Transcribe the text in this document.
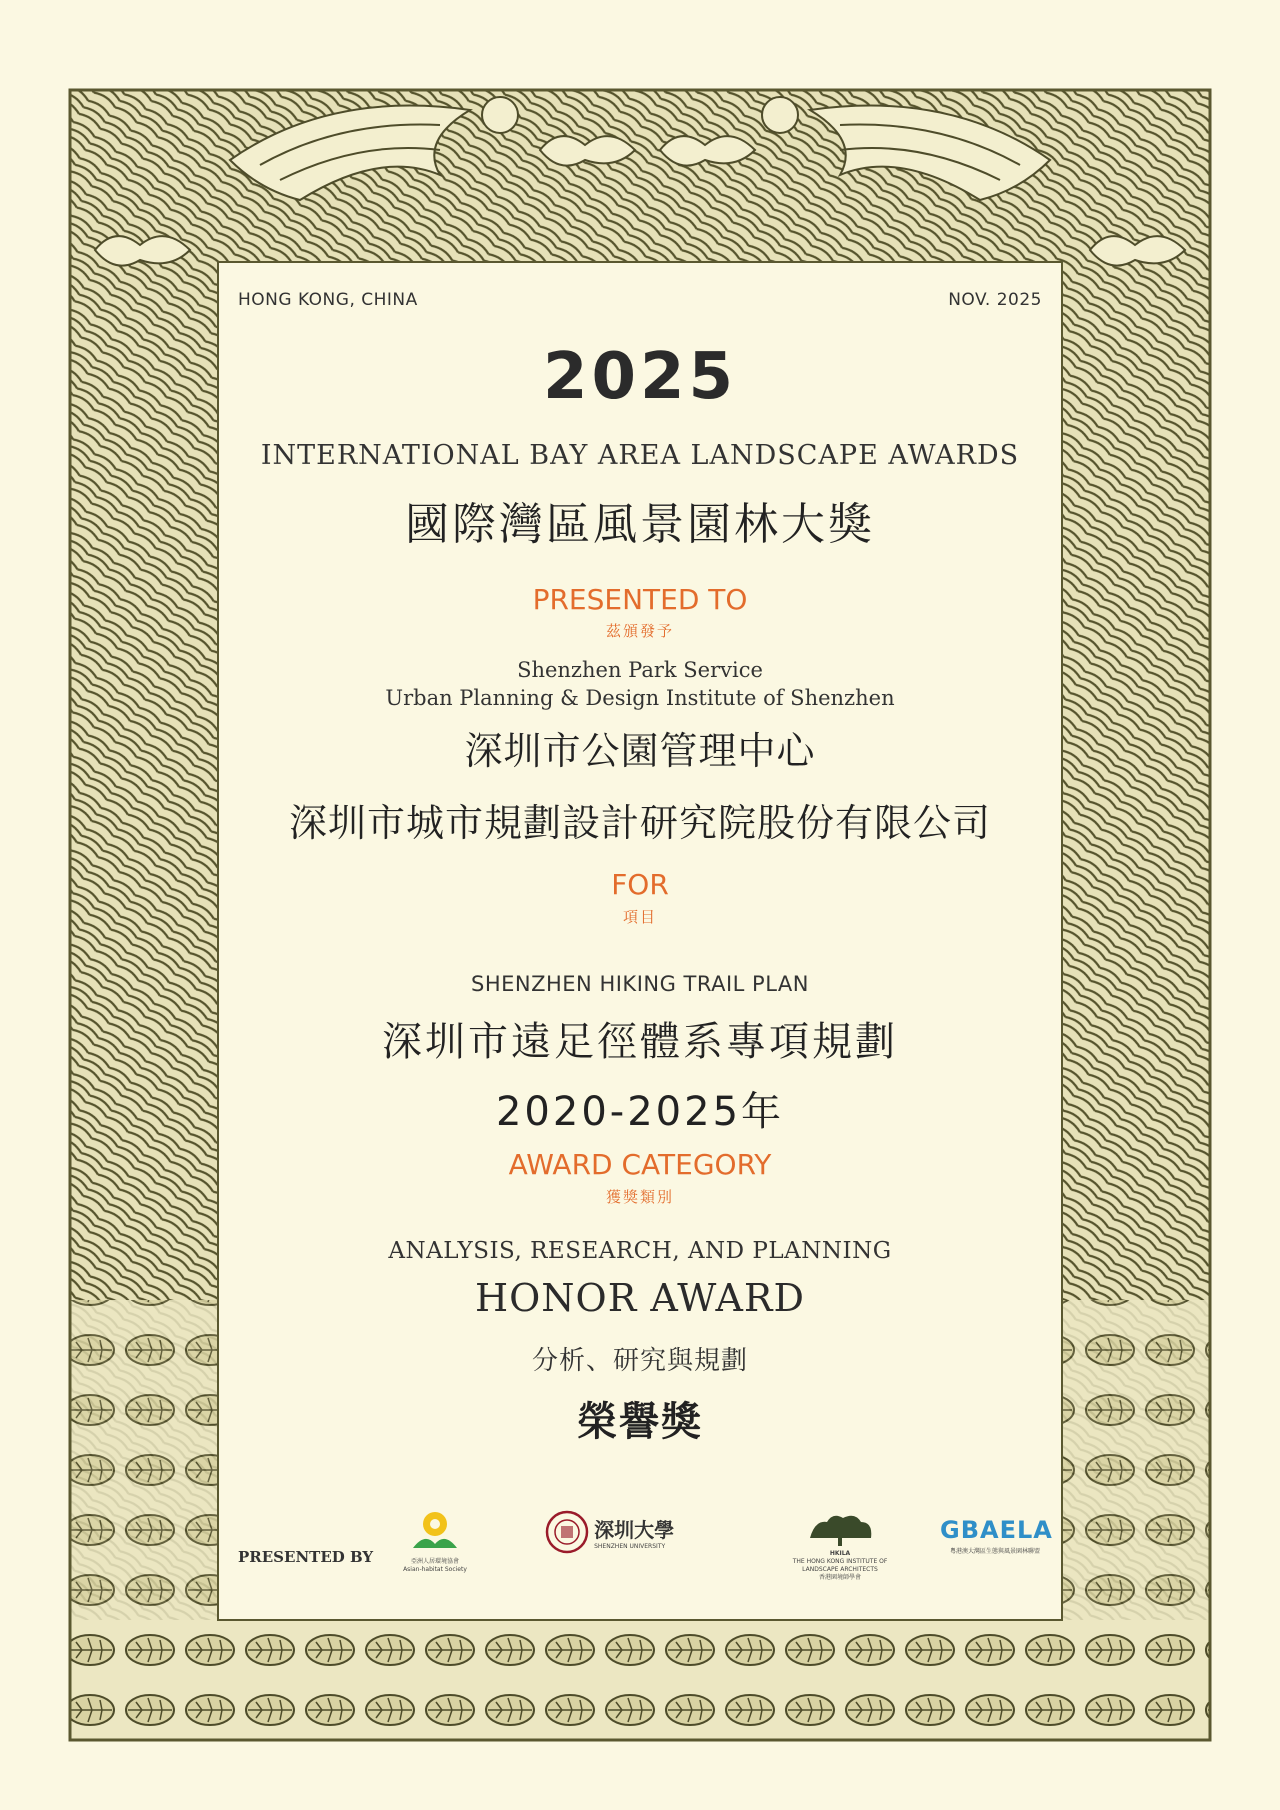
HONG KONG, CHINA	NOV. 2025
2025
INTERNATIONAL BAY AREA LANDSCAPE AWARDS
國際灣區風景園林大獎
PRESENTED TO
茲頒發予
Shenzhen Park Service
Urban Planning & Design Institute of Shenzhen
深圳市公園管理中心
深圳市城市規劃設計研究院股份有限公司
FOR
項目
SHENZHEN HIKING TRAIL PLAN
深圳市遠足徑體系專項規劃
2020-2025年
AWARD CATEGORY
獲獎類別
ANALYSIS, RESEARCH, AND PLANNING
HONOR AWARD
分析、研究與規劃
榮譽獎
PRESENTED BY	亞洲人居環境協會
Asian-habitat Society

深圳大學
SHENZHEN UNIVERSITY
HKILA
THE HONG KONG INSTITUTE OF LANDSCAPE ARCHITECTS
香港園境師學會
GBAELA
粵港澳大灣區生態與風景園林聯盟
